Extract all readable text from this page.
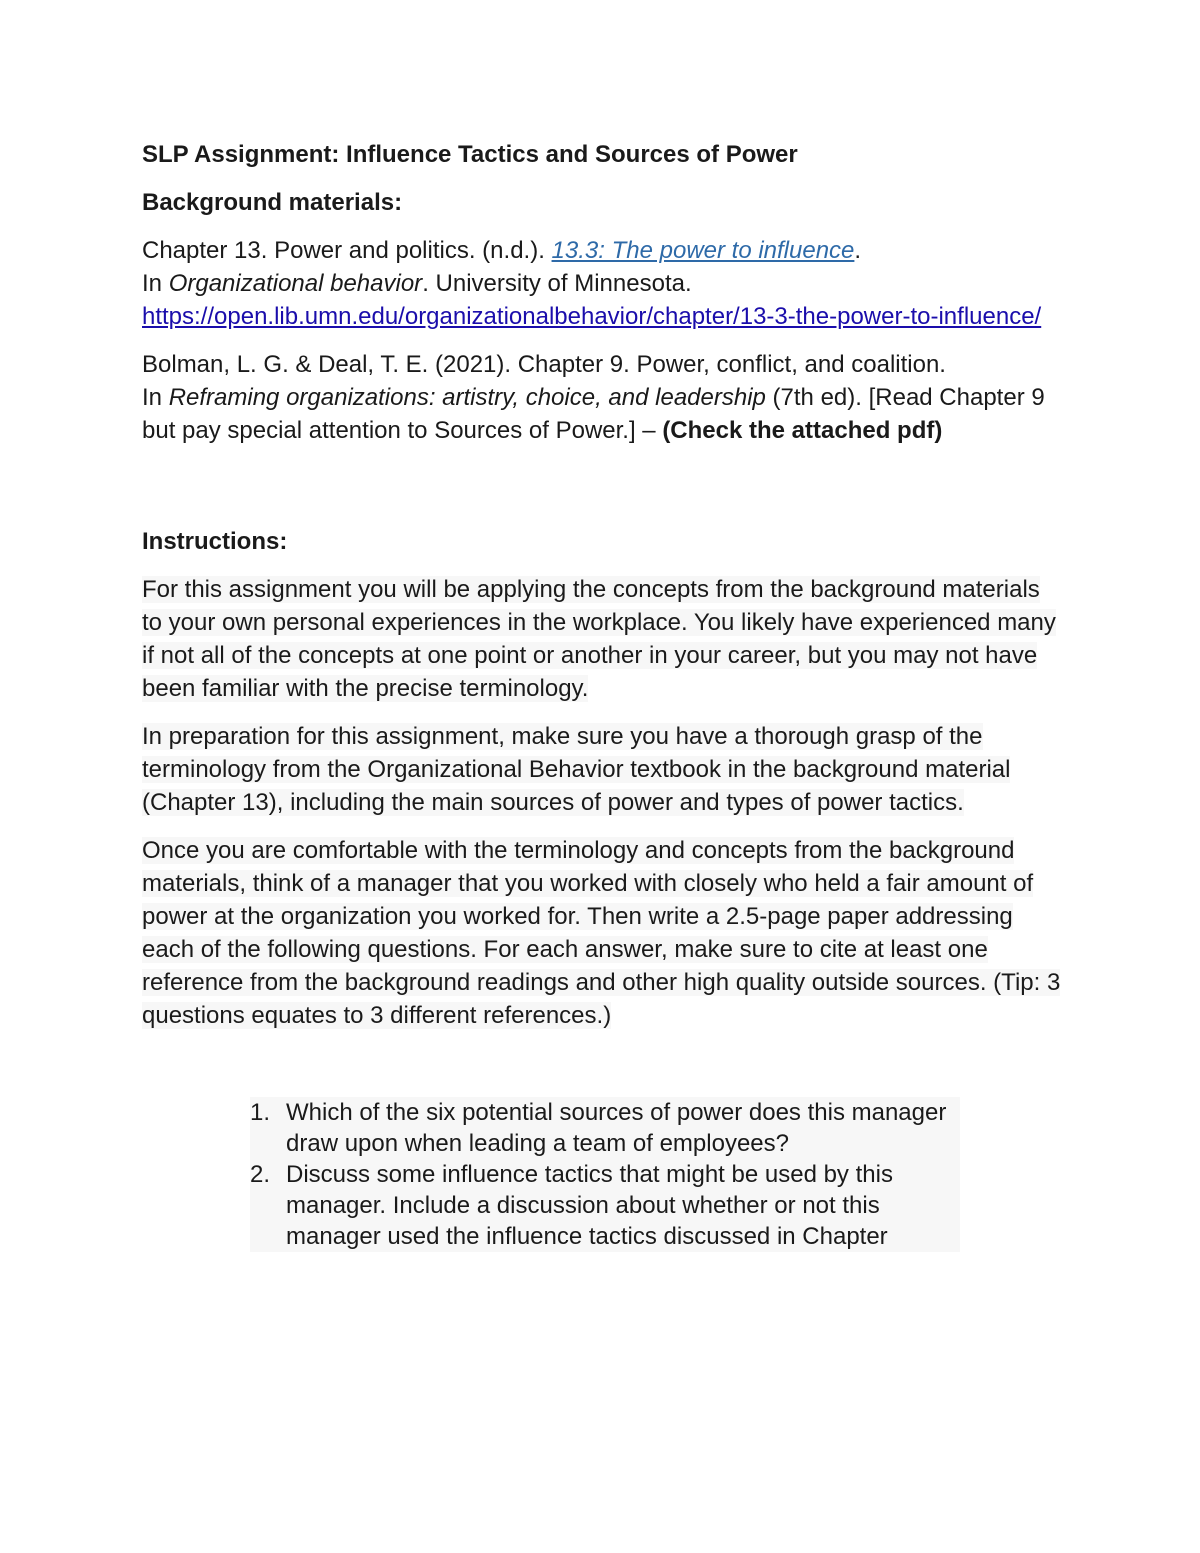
SLP Assignment: Influence Tactics and Sources of Power

Background materials:

Chapter 13. Power and politics. (n.d.). 13.3: The power to influence.
In Organizational behavior. University of Minnesota.
https://open.lib.umn.edu/organizationalbehavior/chapter/13-3-the-power-to-influence/

Bolman, L. G. & Deal, T. E. (2021). Chapter 9. Power, conflict, and coalition.
In Reframing organizations: artistry, choice, and leadership (7th ed). [Read Chapter 9 but pay special attention to Sources of Power.] – (Check the attached pdf)

Instructions:

For this assignment you will be applying the concepts from the background materials to your own personal experiences in the workplace. You likely have experienced many if not all of the concepts at one point or another in your career, but you may not have been familiar with the precise terminology.

In preparation for this assignment, make sure you have a thorough grasp of the terminology from the Organizational Behavior textbook in the background material (Chapter 13), including the main sources of power and types of power tactics.

Once you are comfortable with the terminology and concepts from the background materials, think of a manager that you worked with closely who held a fair amount of power at the organization you worked for. Then write a 2.5-page paper addressing each of the following questions. For each answer, make sure to cite at least one reference from the background readings and other high quality outside sources. (Tip: 3 questions equates to 3 different references.)

1. Which of the six potential sources of power does this manager draw upon when leading a team of employees?
2. Discuss some influence tactics that might be used by this manager. Include a discussion about whether or not this manager used the influence tactics discussed in Chapter
